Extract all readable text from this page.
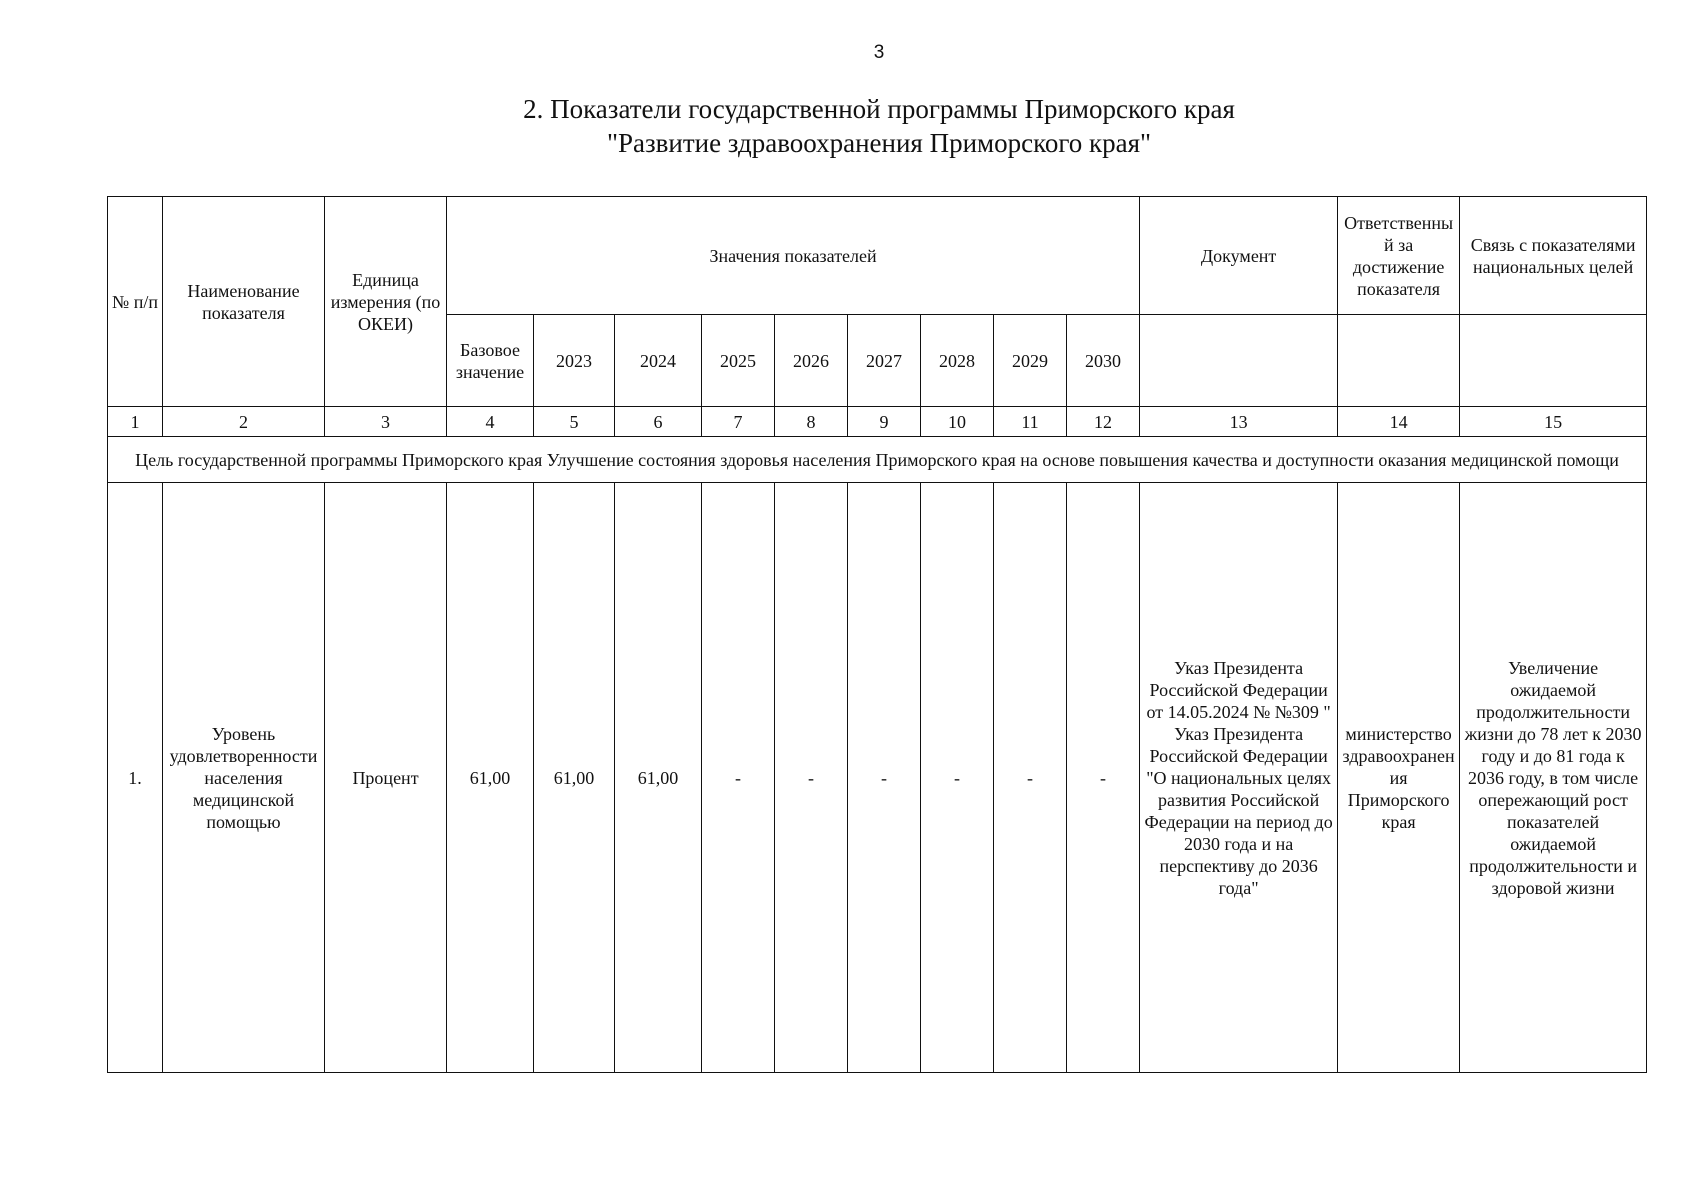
3
2. Показатели государственной программы Приморского края
"Развитие здравоохранения Приморского края"
№ п/п	Наименование показателя	Единица измерения (по ОКЕИ)	Значения показателей									Документ	Ответственный за достижение показателя	Связь с показателями национальных целей
			Базовое значение	2023	2024	2025	2026	2027	2028	2029	2030			
1	2	3	4	5	6	7	8	9	10	11	12	13	14	15
Цель государственной программы Приморского края Улучшение состояния здоровья населения Приморского края на основе повышения качества и доступности оказания медицинской помощи														
1.	Уровень удовлетворенности населения медицинской помощью	Процент	61,00	61,00	61,00	-	-	-	-	-	-	Указ Президента Российской Федерации от 14.05.2024 № №309 " Указ Президента Российской Федерации "О национальных целях развития Российской Федерации на период до 2030 года и на перспективу до 2036 года"	министерство здравоохранения Приморского края	Увеличение ожидаемой продолжительности жизни до 78 лет к 2030 году и до 81 года к 2036 году, в том числе опережающий рост показателей ожидаемой продолжительности и здоровой жизни
